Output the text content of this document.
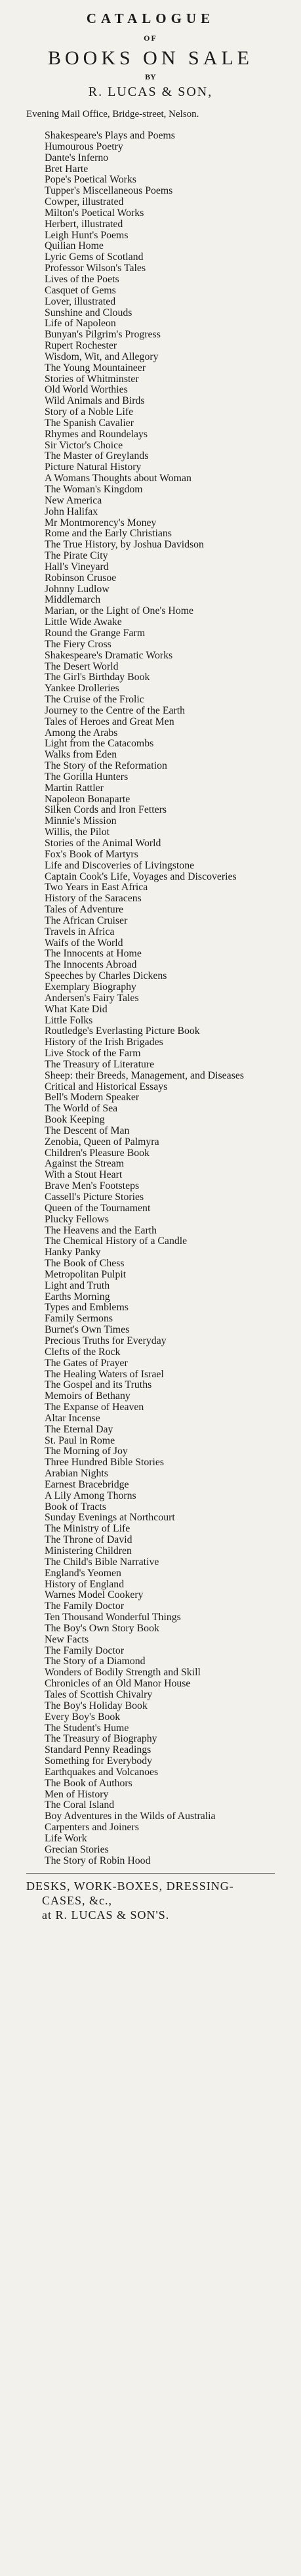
CATALOGUE
OF
BOOKS ON SALE
BY
R. LUCAS & SON,
Evening Mail Office, Bridge-street, Nelson.
Shakespeare's Plays and Poems
Humourous Poetry
Dante's Inferno
Bret Harte
Pope's Poetical Works
Tupper's Miscellaneous Poems
Cowper, illustrated
Milton's Poetical Works
Herbert, illustrated
Leigh Hunt's Poems
Quilian Home
Lyric Gems of Scotland
Professor Wilson's Tales
Lives of the Poets
Casquet of Gems
Lover, illustrated
Sunshine and Clouds
Life of Napoleon
Bunyan's Pilgrim's Progress
Rupert Rochester
Wisdom, Wit, and Allegory
The Young Mountaineer
Stories of Whitminster
Old World Worthies
Wild Animals and Birds
Story of a Noble Life
The Spanish Cavalier
Rhymes and Roundelays
Sir Victor's Choice
The Master of Greylands
Picture Natural History
A Womans Thoughts about Woman
The Woman's Kingdom
New America
John Halifax
Mr Montmorency's Money
Rome and the Early Christians
The True History, by Joshua Davidson
The Pirate City
Hall's Vineyard
Robinson Crusoe
Johnny Ludlow
Middlemarch
Marian, or the Light of One's Home
Little Wide Awake
Round the Grange Farm
The Fiery Cross
Shakespeare's Dramatic Works
The Desert World
The Girl's Birthday Book
Yankee Drolleries
The Cruise of the Frolic
Journey to the Centre of the Earth
Tales of Heroes and Great Men
Among the Arabs
Light from the Catacombs
Walks from Eden
The Story of the Reformation
The Gorilla Hunters
Martin Rattler
Napoleon Bonaparte
Silken Cords and Iron Fetters
Minnie's Mission
Willis, the Pilot
Stories of the Animal World
Fox's Book of Martyrs
Life and Discoveries of Livingstone
Captain Cook's Life, Voyages and Discoveries
Two Years in East Africa
History of the Saracens
Tales of Adventure
The African Cruiser
Travels in Africa
Waifs of the World
The Innocents at Home
The Innocents Abroad
Speeches by Charles Dickens
Exemplary Biography
Andersen's Fairy Tales
What Kate Did
Little Folks
Routledge's Everlasting Picture Book
History of the Irish Brigades
Live Stock of the Farm
The Treasury of Literature
Sheep: their Breeds, Management, and Diseases
Critical and Historical Essays
Bell's Modern Speaker
The World of Sea
Book Keeping
The Descent of Man
Zenobia, Queen of Palmyra
Children's Pleasure Book
Against the Stream
With a Stout Heart
Brave Men's Footsteps
Cassell's Picture Stories
Queen of the Tournament
Plucky Fellows
The Heavens and the Earth
The Chemical History of a Candle
Hanky Panky
The Book of Chess
Metropolitan Pulpit
Light and Truth
Earths Morning
Types and Emblems
Family Sermons
Burnet's Own Times
Precious Truths for Everyday
Clefts of the Rock
The Gates of Prayer
The Healing Waters of Israel
The Gospel and its Truths
Memoirs of Bethany
The Expanse of Heaven
Altar Incense
The Eternal Day
St. Paul in Rome
The Morning of Joy
Three Hundred Bible Stories
Arabian Nights
Earnest Bracebridge
A Lily Among Thorns
Book of Tracts
Sunday Evenings at Northcourt
The Ministry of Life
The Throne of David
Ministering Children
The Child's Bible Narrative
England's Yeomen
History of England
Warnes Model Cookery
The Family Doctor
Ten Thousand Wonderful Things
The Boy's Own Story Book
New Facts
The Family Doctor
The Story of a Diamond
Wonders of Bodily Strength and Skill
Chronicles of an Old Manor House
Tales of Scottish Chivalry
The Boy's Holiday Book
Every Boy's Book
The Student's Hume
The Treasury of Biography
Standard Penny Readings
Something for Everybody
Earthquakes and Volcanoes
The Book of Authors
Men of History
The Coral Island
Boy Adventures in the Wilds of Australia
Carpenters and Joiners
Life Work
Grecian Stories
The Story of Robin Hood
DESKS, WORK-BOXES, DRESSING-
CASES, &c.,
at R. LUCAS & SON'S.
